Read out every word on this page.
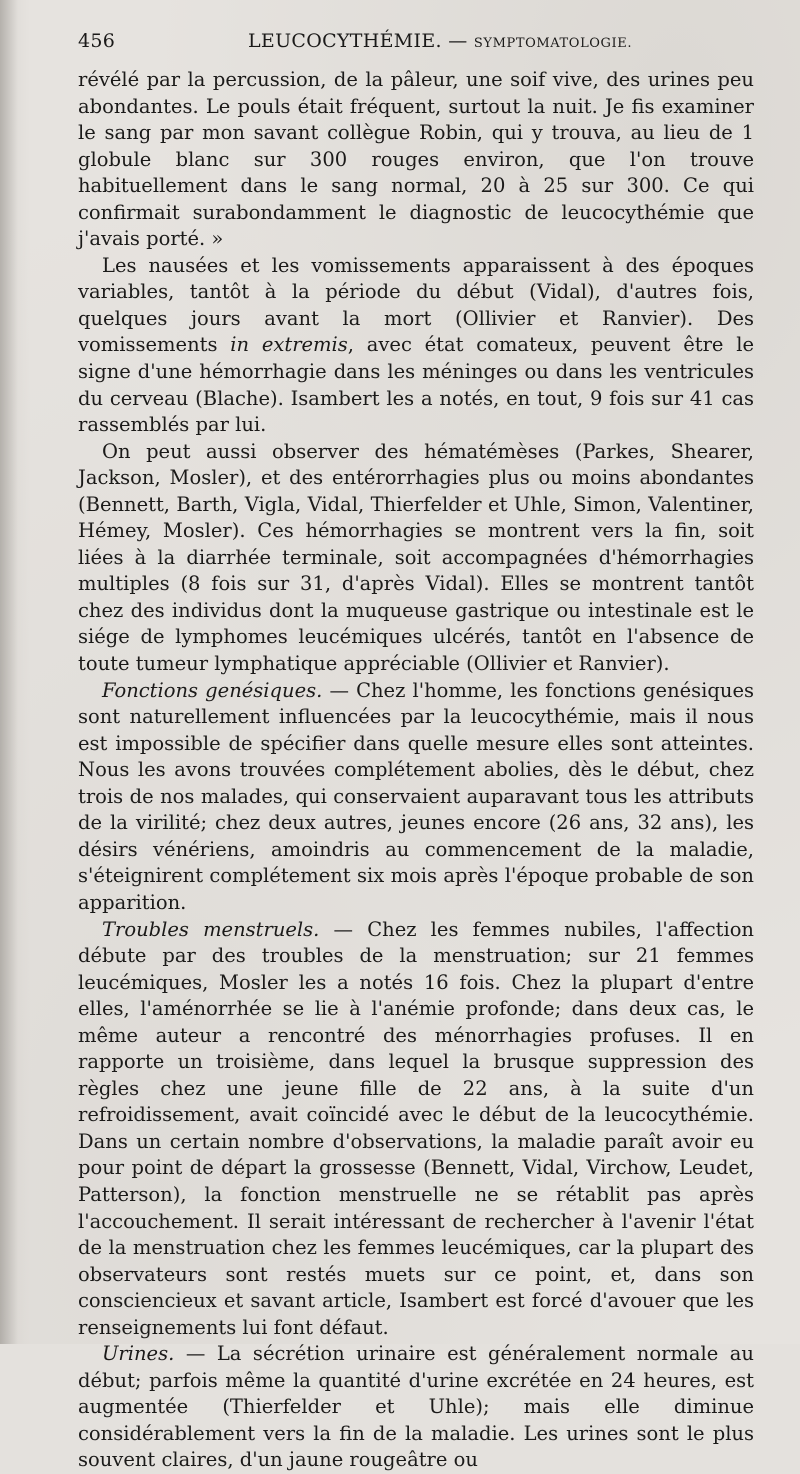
456	LEUCOCYTHÉMIE. — SYMPTOMATOLOGIE.

révélé par la percussion, de la pâleur, une soif vive, des urines peu abondantes. Le pouls était fréquent, surtout la nuit. Je fis examiner le sang par mon savant collègue Robin, qui y trouva, au lieu de 1 globule blanc sur 300 rouges environ, que l'on trouve habituellement dans le sang normal, 20 à 25 sur 300. Ce qui confirmait surabondamment le diagnostic de leucocythémie que j'avais porté. »

Les nausées et les vomissements apparaissent à des époques variables, tantôt à la période du début (Vidal), d'autres fois, quelques jours avant la mort (Ollivier et Ranvier). Des vomissements in extremis, avec état comateux, peuvent être le signe d'une hémorrhagie dans les méninges ou dans les ventricules du cerveau (Blache). Isambert les a notés, en tout, 9 fois sur 41 cas rassemblés par lui.

On peut aussi observer des hématémèses (Parkes, Shearer, Jackson, Mosler), et des entérorrhagies plus ou moins abondantes (Bennett, Barth, Vigla, Vidal, Thierfelder et Uhle, Simon, Valentiner, Hémey, Mosler). Ces hémorrhagies se montrent vers la fin, soit liées à la diarrhée terminale, soit accompagnées d'hémorrhagies multiples (8 fois sur 31, d'après Vidal). Elles se montrent tantôt chez des individus dont la muqueuse gastrique ou intestinale est le siége de lymphomes leucémiques ulcérés, tantôt en l'absence de toute tumeur lymphatique appréciable (Ollivier et Ranvier).

Fonctions genésiques. — Chez l'homme, les fonctions genésiques sont naturellement influencées par la leucocythémie, mais il nous est impossible de spécifier dans quelle mesure elles sont atteintes. Nous les avons trouvées complétement abolies, dès le début, chez trois de nos malades, qui conservaient auparavant tous les attributs de la virilité; chez deux autres, jeunes encore (26 ans, 32 ans), les désirs vénériens, amoindris au commencement de la maladie, s'éteignirent complétement six mois après l'époque probable de son apparition.

Troubles menstruels. — Chez les femmes nubiles, l'affection débute par des troubles de la menstruation; sur 21 femmes leucémiques, Mosler les a notés 16 fois. Chez la plupart d'entre elles, l'aménorrhée se lie à l'anémie profonde; dans deux cas, le même auteur a rencontré des ménorrhagies profuses. Il en rapporte un troisième, dans lequel la brusque suppression des règles chez une jeune fille de 22 ans, à la suite d'un refroidissement, avait coïncidé avec le début de la leucocythémie. Dans un certain nombre d'observations, la maladie paraît avoir eu pour point de départ la grossesse (Bennett, Vidal, Virchow, Leudet, Patterson), la fonction menstruelle ne se rétablit pas après l'accouchement. Il serait intéressant de rechercher à l'avenir l'état de la menstruation chez les femmes leucémiques, car la plupart des observateurs sont restés muets sur ce point, et, dans son consciencieux et savant article, Isambert est forcé d'avouer que les renseignements lui font défaut.

Urines. — La sécrétion urinaire est généralement normale au début; parfois même la quantité d'urine excrétée en 24 heures, est augmentée (Thierfelder et Uhle); mais elle diminue considérablement vers la fin de la maladie. Les urines sont le plus souvent claires, d'un jaune rougeâtre ou
